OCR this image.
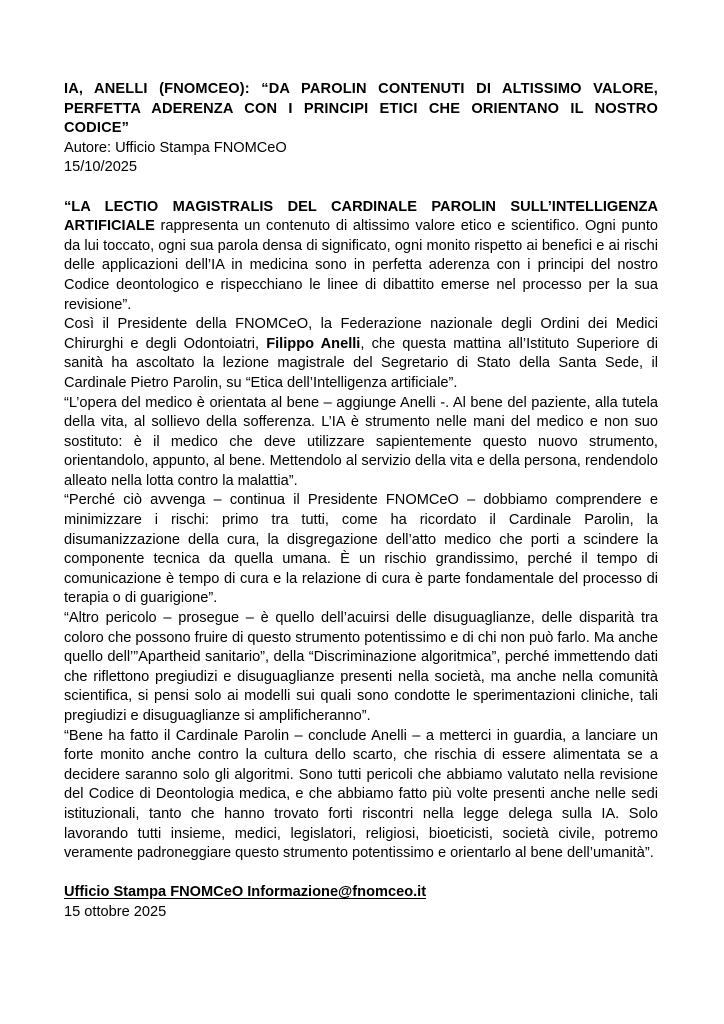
IA, ANELLI (FNOMCEO): “DA PAROLIN CONTENUTI DI ALTISSIMO VALORE,
PERFETTA ADERENZA CON I PRINCIPI ETICI CHE ORIENTANO IL NOSTRO CODICE”

Autore: Ufficio Stampa FNOMCeO

15/10/2025

“LA LECTIO MAGISTRALIS DEL CARDINALE PAROLIN SULL’INTELLIGENZA ARTIFICIALE rappresenta un contenuto di altissimo valore etico e scientifico. Ogni punto da lui toccato, ogni sua parola densa di significato, ogni monito rispetto ai benefici e ai rischi delle applicazioni dell’IA in medicina sono in perfetta aderenza con i principi del nostro Codice deontologico e rispecchiano le linee di dibattito emerse nel processo per la sua revisione”.

Così il Presidente della FNOMCeO, la Federazione nazionale degli Ordini dei Medici Chirurghi e degli Odontoiatri, Filippo Anelli, che questa mattina all’Istituto Superiore di sanità ha ascoltato la lezione magistrale del Segretario di Stato della Santa Sede, il Cardinale Pietro Parolin, su “Etica dell’Intelligenza artificiale”.

“L’opera del medico è orientata al bene – aggiunge Anelli -. Al bene del paziente, alla tutela della vita, al sollievo della sofferenza. L’IA è strumento nelle mani del medico e non suo sostituto: è il medico che deve utilizzare sapientemente questo nuovo strumento, orientandolo, appunto, al bene. Mettendolo al servizio della vita e della persona, rendendolo alleato nella lotta contro la malattia”.

“Perché ciò avvenga – continua il Presidente FNOMCeO – dobbiamo comprendere e minimizzare i rischi: primo tra tutti, come ha ricordato il Cardinale Parolin, la disumanizzazione della cura, la disgregazione dell’atto medico che porti a scindere la componente tecnica da quella umana. È un rischio grandissimo, perché il tempo di comunicazione è tempo di cura e la relazione di cura è parte fondamentale del processo di terapia o di guarigione”.

“Altro pericolo – prosegue – è quello dell’acuirsi delle disuguaglianze, delle disparità tra coloro che possono fruire di questo strumento potentissimo e di chi non può farlo. Ma anche quello dell’”Apartheid sanitario”, della “Discriminazione algoritmica”, perché immettendo dati che riflettono pregiudizi e disuguaglianze presenti nella società, ma anche nella comunità scientifica, si pensi solo ai modelli sui quali sono condotte le sperimentazioni cliniche, tali pregiudizi e disuguaglianze si amplificheranno”.

“Bene ha fatto il Cardinale Parolin – conclude Anelli – a metterci in guardia, a lanciare un forte monito anche contro la cultura dello scarto, che rischia di essere alimentata se a decidere saranno solo gli algoritmi. Sono tutti pericoli che abbiamo valutato nella revisione del Codice di Deontologia medica, e che abbiamo fatto più volte presenti anche nelle sedi istituzionali, tanto che hanno trovato forti riscontri nella legge delega sulla IA. Solo lavorando tutti insieme, medici, legislatori, religiosi, bioeticisti, società civile, potremo veramente padroneggiare questo strumento potentissimo e orientarlo al bene dell’umanità”.

Ufficio Stampa FNOMCeO Informazione@fnomceo.it

15 ottobre 2025
